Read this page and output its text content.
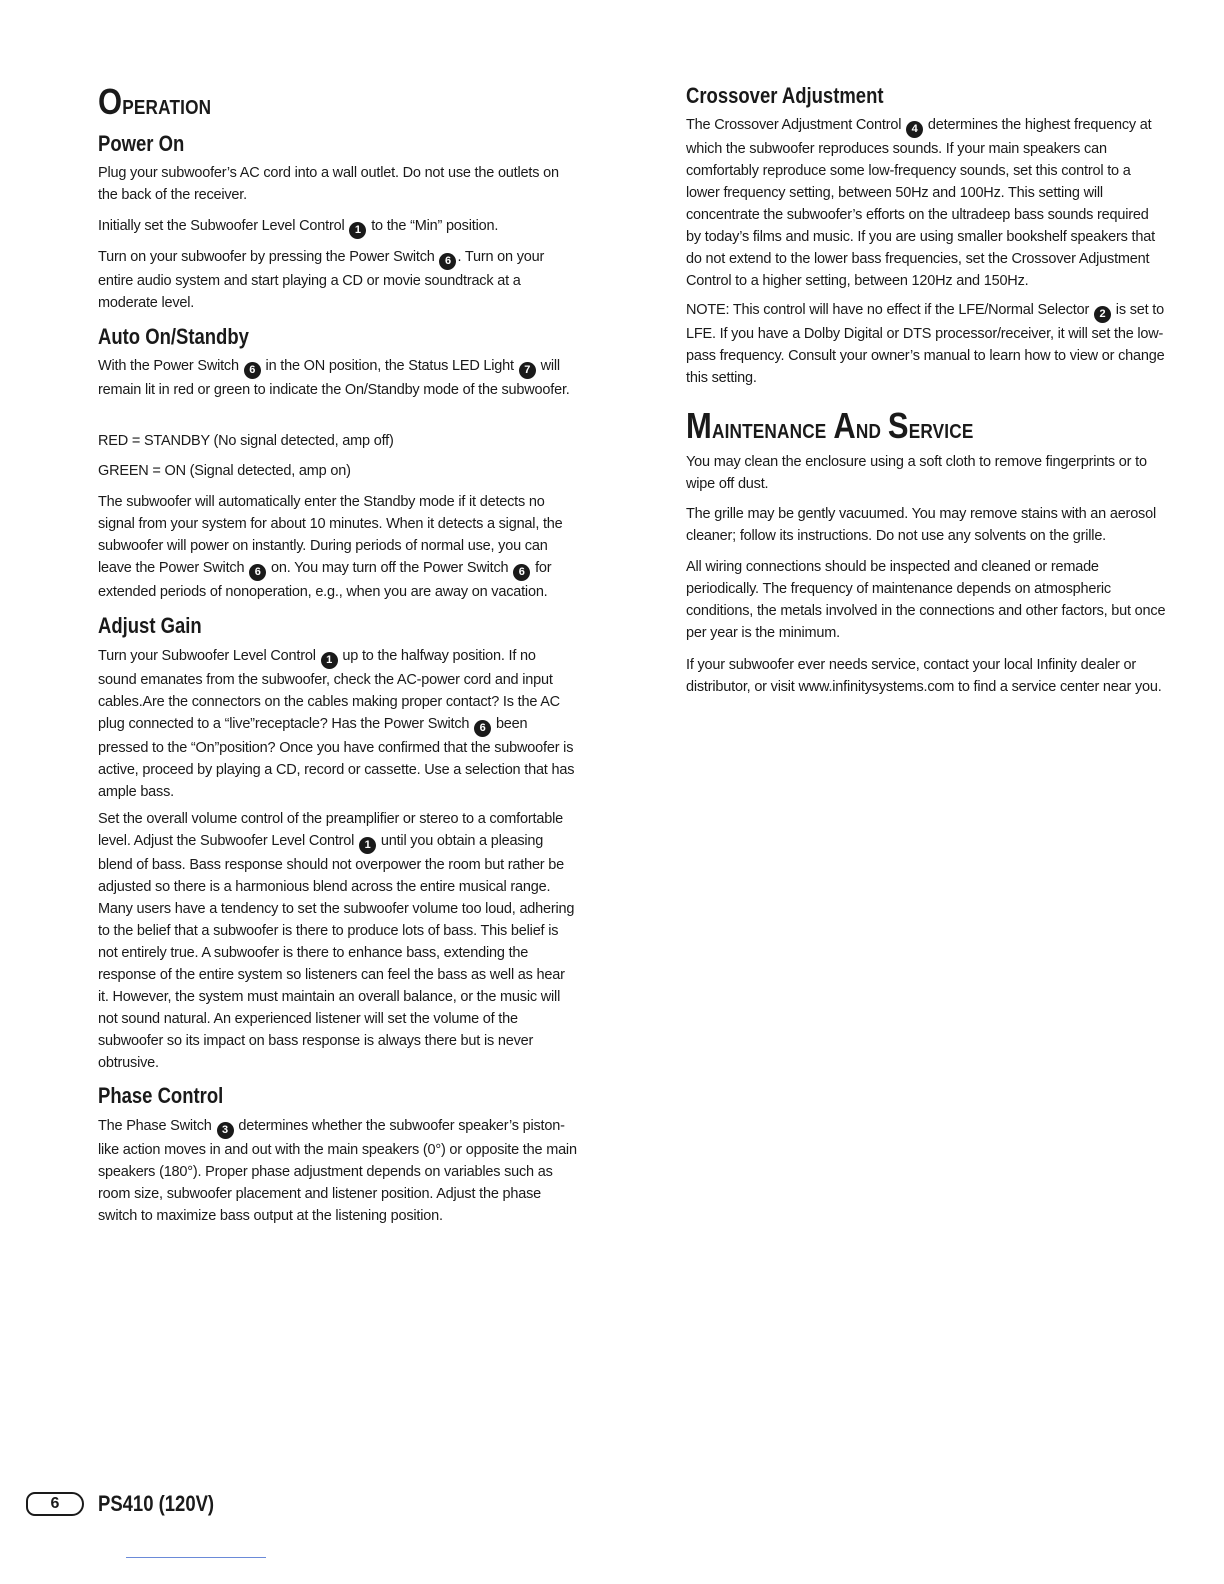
Operation
Power On

Plug your subwoofer’s AC cord into a wall outlet. Do not use the outlets on the back of the receiver.

Initially set the Subwoofer Level Control 1 to the “Min” position.

Turn on your subwoofer by pressing the Power Switch 6 . Turn on your entire audio system and start playing a CD or movie soundtrack at a moderate level.

Auto On/Standby

With the Power Switch 6 in the ON position, the Status LED Light 7 will remain lit in red or green to indicate the On/Standby mode of the subwoofer.

RED = STANDBY (No signal detected, amp off)

GREEN = ON (Signal detected, amp on)

The subwoofer will automatically enter the Standby mode if it detects no signal from your system for about 10 minutes. When it detects a signal, the subwoofer will power on instantly. During periods of normal use, you can leave the Power Switch 6 on. You may turn off the Power Switch 6 for extended periods of nonoperation, e.g., when you are away on vacation.

Adjust Gain

Turn your Subwoofer Level Control 1 up to the halfway position. If no sound emanates from the subwoofer, check the AC-power cord and input cables.Are the connectors on the cables making proper contact? Is the AC plug connected to a “live”receptacle? Has the Power Switch 6 been pressed to the “On”position? Once you have confirmed that the subwoofer is active, proceed by playing a CD, record or cassette. Use a selection that has ample bass.

Set the overall volume control of the preamplifier or stereo to a comfortable level. Adjust the Subwoofer Level Control 1 until you obtain a pleasing blend of bass. Bass response should not overpower the room but rather be adjusted so there is a harmonious blend across the entire musical range. Many users have a tendency to set the subwoofer volume too loud, adhering to the belief that a subwoofer is there to produce lots of bass. This belief is not entirely true. A subwoofer is there to enhance bass, extending the response of the entire system so listeners can feel the bass as well as hear it. However, the system must maintain an overall balance, or the music will not sound natural. An experienced listener will set the volume of the subwoofer so its impact on bass response is always there but is never obtrusive.

Phase Control

The Phase Switch 3 determines whether the subwoofer speaker’s piston-like action moves in and out with the main speakers (0°) or opposite the main speakers (180°). Proper phase adjustment depends on variables such as room size, subwoofer placement and listener position. Adjust the phase switch to maximize bass output at the listening position.

Crossover Adjustment

The Crossover Adjustment Control 4 determines the highest frequency at which the subwoofer reproduces sounds. If your main speakers can comfortably reproduce some low-frequency sounds, set this control to a lower frequency setting, between 50Hz and 100Hz. This setting will concentrate the subwoofer’s efforts on the ultradeep bass sounds required by today’s films and music. If you are using smaller bookshelf speakers that do not extend to the lower bass frequencies, set the Crossover Adjustment Control to a higher setting, between 120Hz and 150Hz.

NOTE: This control will have no effect if the LFE/Normal Selector 2 is set to LFE. If you have a Dolby Digital or DTS processor/receiver, it will set the low-pass frequency. Consult your owner’s manual to learn how to view or change this setting.

Maintenance And Service

You may clean the enclosure using a soft cloth to remove fingerprints or to wipe off dust.

The grille may be gently vacuumed. You may remove stains with an aerosol cleaner; follow its instructions. Do not use any solvents on the grille.

All wiring connections should be inspected and cleaned or remade periodically. The frequency of maintenance depends on atmospheric conditions, the metals involved in the connections and other factors, but once per year is the minimum.

If your subwoofer ever needs service, contact your local Infinity dealer or distributor, or visit www.infinitysystems.com to find a service center near you.

6	PS410 (120V)
